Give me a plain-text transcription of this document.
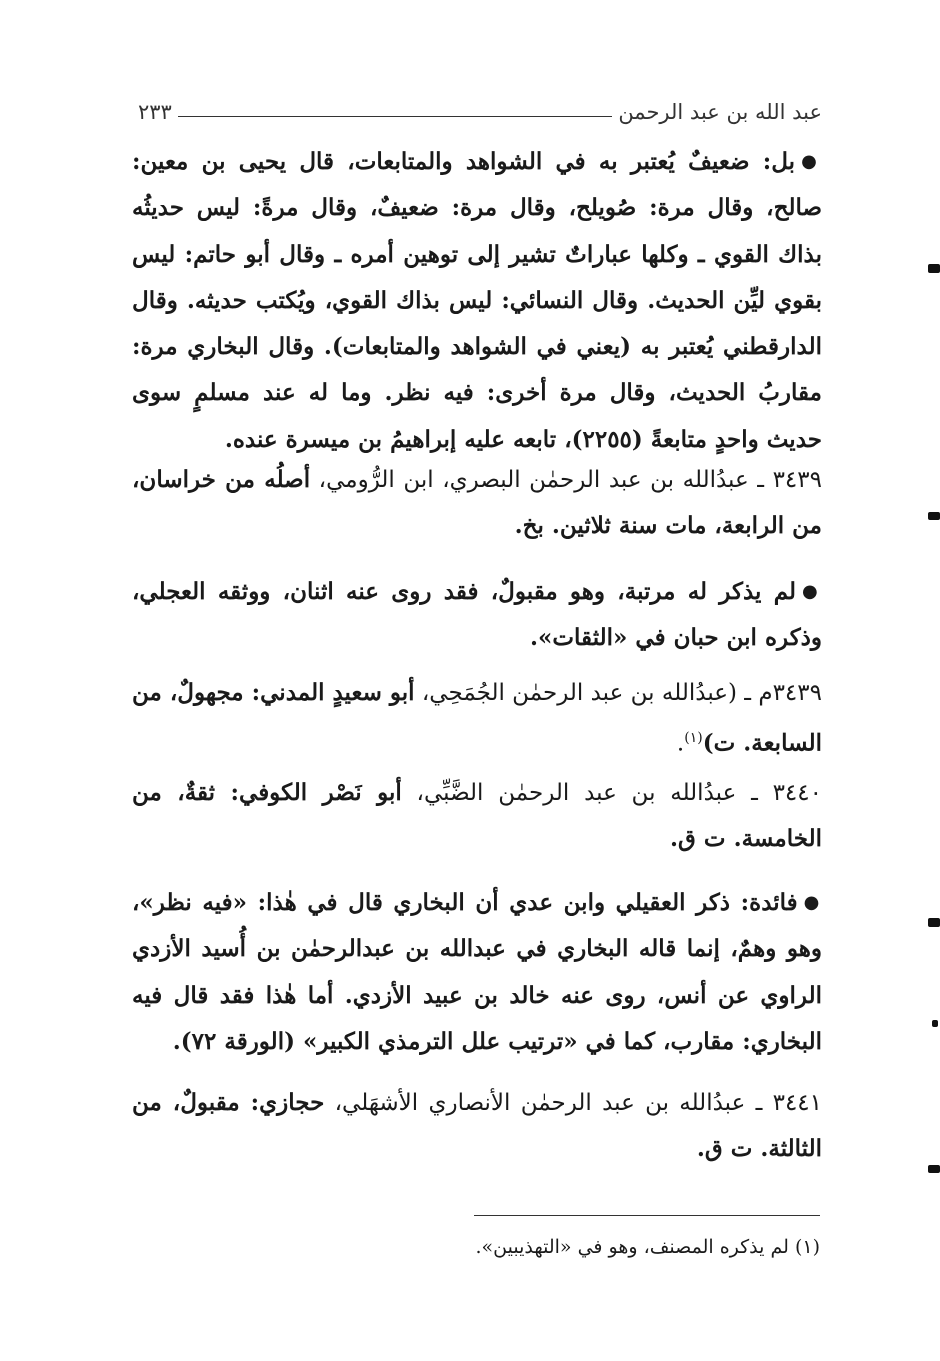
عبد الله بن عبد الرحمن
٢٣٣

●بل: ضعيفٌ يُعتبر به في الشواهد والمتابعات، قال يحيى بن معين: صالح، وقال مرة: صُويلح، وقال مرة: ضعيفٌ، وقال مرةً: ليس حديثُه بذاك القوي ـ وكلها عباراتٌ تشير إلى توهين أمره ـ وقال أبو حاتم: ليس بقوي ليِّن الحديث. وقال النسائي: ليس بذاك القوي، ويُكتب حديثه. وقال الدارقطني يُعتبر به (يعني في الشواهد والمتابعات). وقال البخاري مرة: مقاربُ الحديث، وقال مرة أخرى: فيه نظر. وما له عند مسلمٍ سوى حديث واحدٍ متابعةً (٢٢٥٥)، تابعه عليه إبراهيمُ بن ميسرة عنده.

٣٤٣٩ ـ عبدُالله بن عبد الرحمٰن البصري، ابن الرُّومي، أصلُه من خراسان، من الرابعة، مات سنة ثلاثين. بخ.

●لم يذكر له مرتبة، وهو مقبولٌ، فقد روى عنه اثنان، ووثقه العجلي، وذكره ابن حبان في «الثقات».

٣٤٣٩م ـ (عبدُالله بن عبد الرحمٰن الجُمَحِي، أبو سعيدٍ المدني: مجهولٌ، من السابعة. ت)$^{(١)}$.

٣٤٤٠ ـ عبدُالله بن عبد الرحمٰن الضَّبِّي، أبو نَصْر الكوفي: ثقةٌ، من الخامسة. ت ق.

●فائدة: ذكر العقيلي وابن عدي أن البخاري قال في هٰذا: «فيه نظر»، وهو وهمٌ، إنما قاله البخاري في عبدالله بن عبدالرحمٰن بن أُسيد الأزدي الراوي عن أنس، روى عنه خالد بن عبيد الأزدي. أما هٰذا فقد قال فيه البخاري: مقارب، كما في «ترتيب علل الترمذي الكبير» (الورقة ٧٢).

٣٤٤١ ـ عبدُالله بن عبد الرحمٰن الأنصاري الأشهَلي، حجازي: مقبولٌ، من الثالثة. ت ق.

(١) لم يذكره المصنف، وهو في «التهذيبين».
